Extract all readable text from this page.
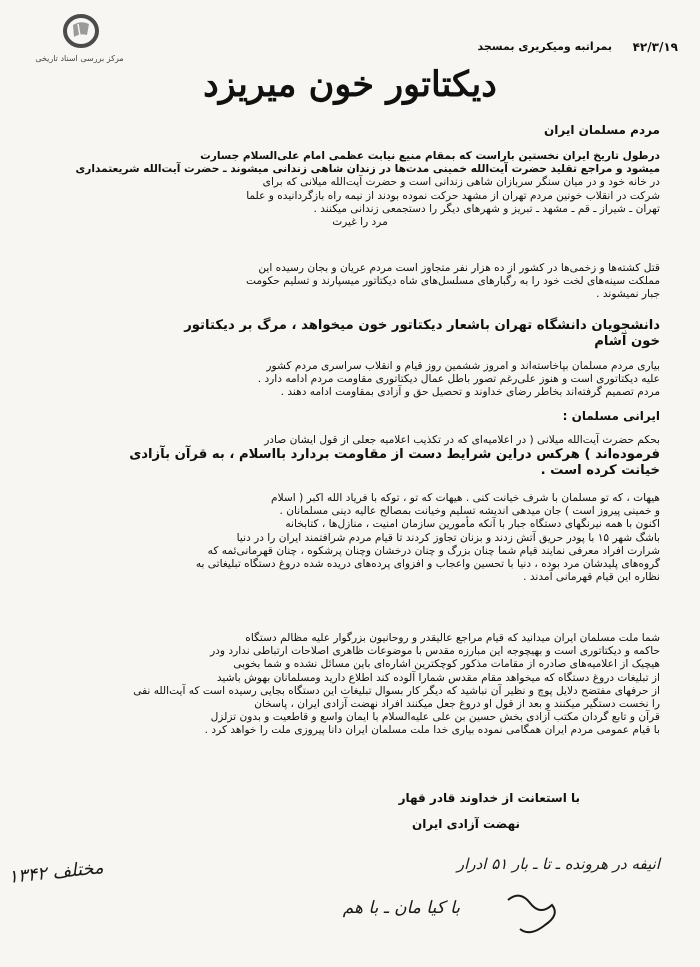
مرکز بررسی اسناد تاریخی
۴۲/۳/۱۹
بمراتبه ومیکریری بمسجد
دیکتاتور خون میریزد
مردم مسلمان ایران

درطول تاریخ ایران نخستین باراست که بمقام منیع نیابت عظمی امام علی‌السلام جسارت

میشود و مراجع تقلید حضرت آیت‌الله خمینی مدت‌ها در زندان شاهی زندانی میشوند ـ حضرت آیت‌الله شریعتمداری

در خانه خود و در میان سنگر سربازان شاهی زندانی است و حضرت آیت‌الله میلانی که برای

شرکت در انقلاب خونین مردم تهران از مشهد حرکت نموده بودند از نیمه راه بازگردانیده و علما

تهران ـ شیراز ـ قم ـ مشهد ـ تبریز و شهرهای دیگر را دستجمعی زندانی میکنند .

مرد را غیرت

قتل کشته‌ها و زخمی‌ها در کشور از ده هزار نفر متجاوز است مردم عریان و بجان رسیده این

مملکت سینه‌های لخت خود را به رگبارهای مسلسل‌های شاه دیکتاتور میسپارند و تسلیم حکومت

جبار نمیشوند .

دانشجویان دانشگاه تهران باشعار دیکتاتور خون میخواهد ، مرگ بر دیکتاتور

خون آشام

بیاری مردم مسلمان بپاخاسته‌اند و امروز ششمین روز قیام و انقلاب سراسری مردم کشور

علیه دیکتاتوری است و هنوز علی‌رغم تصور باطل عمال دیکتاتوری مقاومت مردم ادامه دارد .

مردم تصمیم گرفته‌اند بخاطر رضای خداوند و تحصیل حق و آزادی بمقاومت ادامه دهند .

ایرانی مسلمان :

بحکم حضرت آیت‌الله میلانی ( در اعلامیه‌ای که در تکذیب اعلامیه جعلی از قول ایشان صادر

فرموده‌اند ) هرکس دراین شرایط دست از مقاومت بردارد بااسلام ، به قرآن بآزادی

خیانت کرده است .

هیهات ، که تو مسلمان با شرف خیانت کنی . هیهات که تو ، توکه با فریاد الله اکبر ( اسلام

و خمینی پیروز است ) جان میدهی اندیشه تسلیم وخیانت بمصالح عالیه دینی مسلمانان .

اکنون با همه نیرنگهای دستگاه جبار با آنکه مأمورین سازمان امنیت ، منازل‌ها ، کتابخانه

باشگ شهر ۱۵ با پودر حریق آتش زدند و بزنان تجاوز کردند تا قیام مردم شرافتمند ایران را در دنیا

شرارت افراد معرفی نمایند قیام شما چنان بزرگ و چنان درخشان وچنان پرشکوه ، چنان قهرمانی‌ئمه که

گروه‌های پلیدشان مرد بوده ، دنیا با تحسین واعجاب و افزوای پرده‌های دریده شده دروغ دستگاه تبلیغاتی به

نظاره این قیام قهرمانی آمدند .

شما ملت مسلمان ایران میدانید که قیام مراجع عالیقدر و روحانیون بزرگوار علیه مظالم دستگاه

حاکمه و دیکتاتوری است و بهیچوجه این مبارزه مقدس با موضوعات ظاهری اصلاحات ارتباطی ندارد ودر

هیچیک از اعلامیه‌های صادره از مقامات مذکور کوچکترین اشاره‌ای باین مسائل نشده و شما بخوبی

از تبلیغات دروغ دستگاه که میخواهد مقام مقدس شمارا آلوده کند اطلاع دارید ومسلمانان بهوش باشید

از حرفهای مفتضح دلایل پوچ و نظیر آن نباشید که دیگر کار بسوال تبلیغات این دستگاه بجایی رسیده است که آیت‌الله نفی

را نخست دستگیر میکنند و بعد از قول او دروغ جعل میکنند افراد نهضت آزادی ایران ، پاسخان

قرآن و تابع گردان مکتب آزادی بخش حسین بن علی علیه‌السلام با ایمان واسع و قاطعیت و بدون تزلزل

با قیام عمومی مردم ایران همگامی نموده بیاری خدا ملت مسلمان ایران دانا پیروزی ملت را خواهد کرد .

با استعانت از خداوند قادر قهار
نهضت آزادی ایران
انیفه در هرونده ـ تا ـ بار ۵۱ ادرار
با کیا مان ـ با هم
مختلف ۱۳۴۲
